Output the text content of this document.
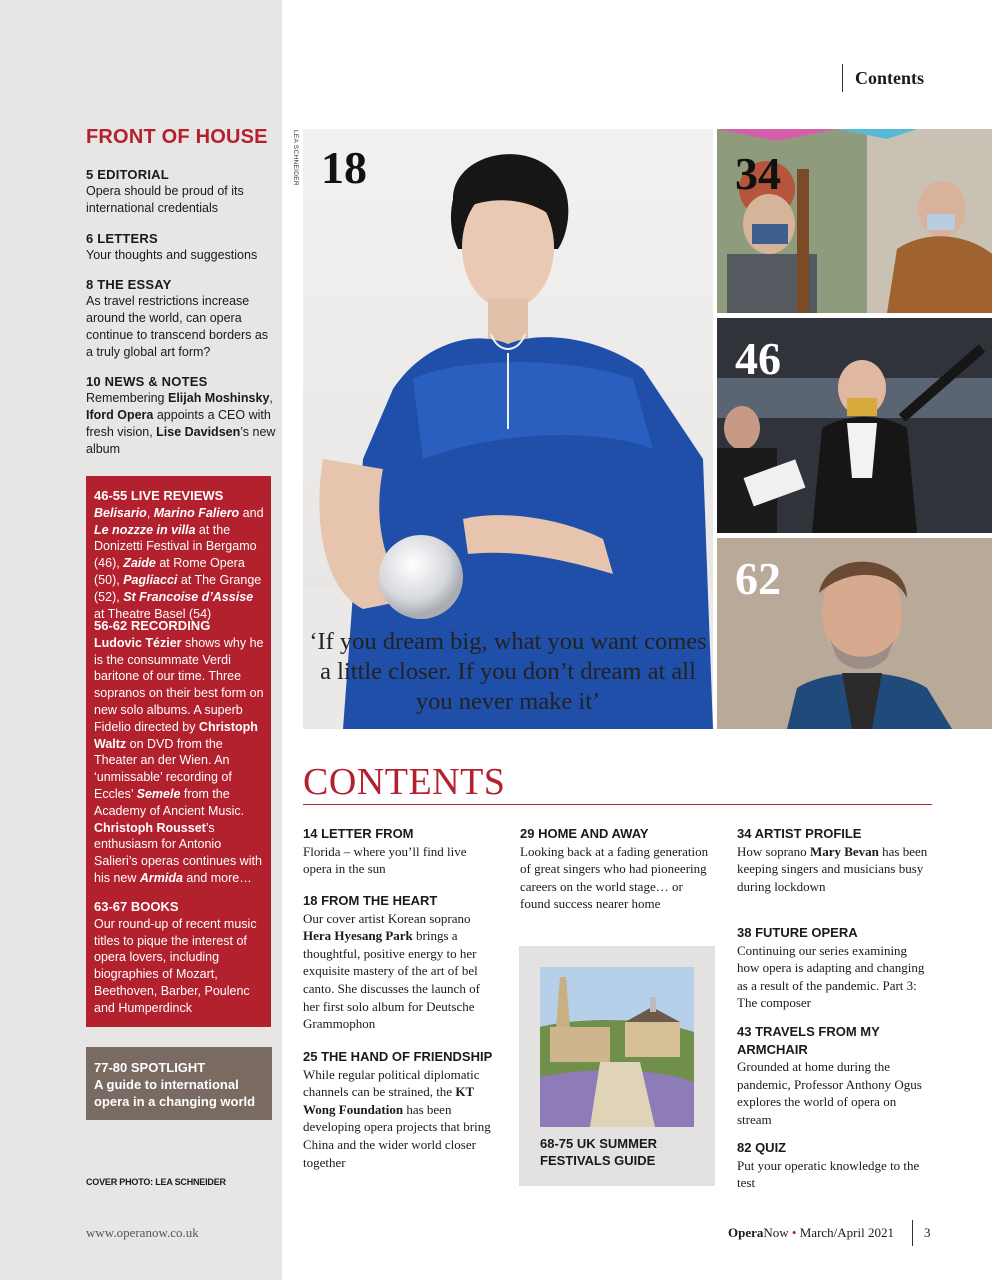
Contents
FRONT OF HOUSE
5 EDITORIAL
Opera should be proud of its international credentials
6 LETTERS
Your thoughts and suggestions
8 THE ESSAY
As travel restrictions increase around the world, can opera continue to transcend borders as a truly global art form?
10 NEWS & NOTES
Remembering Elijah Moshinsky, Iford Opera appoints a CEO with fresh vision, Lise Davidsen’s new album
46-55 LIVE REVIEWS
Belisario, Marino Faliero and Le nozzze in villa at the Donizetti Festival in Bergamo (46), Zaide at Rome Opera (50), Pagliacci at The Grange (52), St Francoise d’Assise at Theatre Basel (54)
56-62 RECORDING
Ludovic Tézier shows why he is the consummate Verdi baritone of our time. Three sopranos on their best form on new solo albums. A superb Fidelio directed by Christoph Waltz on DVD from the Theater an der Wien. An ‘unmissable’ recording of Eccles’ Semele from the Academy of Ancient Music. Christoph Rousset’s enthusiasm for Antonio Salieri’s operas continues with his new Armida and more…
63-67 BOOKS
Our round-up of recent music titles to pique the interest of opera lovers, including biographies of Mozart, Beethoven, Barber, Poulenc and Humperdinck
77-80 SPOTLIGHT
A guide to international opera in a changing world
COVER PHOTO: LEA SCHNEIDER
www.operanow.co.uk
LEA SCHNEIDER 18
‘If you dream big, what you want comes a little closer. If you don’t dream at all you never make it’
34
46
62
CONTENTS
14 LETTER FROM
Florida – where you’ll find live opera in the sun
18 FROM THE HEART
Our cover artist Korean soprano Hera Hyesang Park brings a thoughtful, positive energy to her exquisite mastery of the art of bel canto. She discusses the launch of her first solo album for Deutsche Grammophon
25 THE HAND OF FRIENDSHIP
While regular political diplomatic channels can be strained, the KT Wong Foundation has been developing opera projects that bring China and the wider world closer together
29 HOME AND AWAY
Looking back at a fading generation of great singers who had pioneering careers on the world stage… or found success nearer home
68-75 UK SUMMER FESTIVALS GUIDE
34 ARTIST PROFILE
How soprano Mary Bevan has been keeping singers and musicians busy during lockdown
38 FUTURE OPERA
Continuing our series examining how opera is adapting and changing as a result of the pandemic. Part 3: The composer
43 TRAVELS FROM MY ARMCHAIR
Grounded at home during the pandemic, Professor Anthony Ogus explores the world of opera on stream
82 QUIZ
Put your operatic knowledge to the test
OperaNow • March/April 2021 3
